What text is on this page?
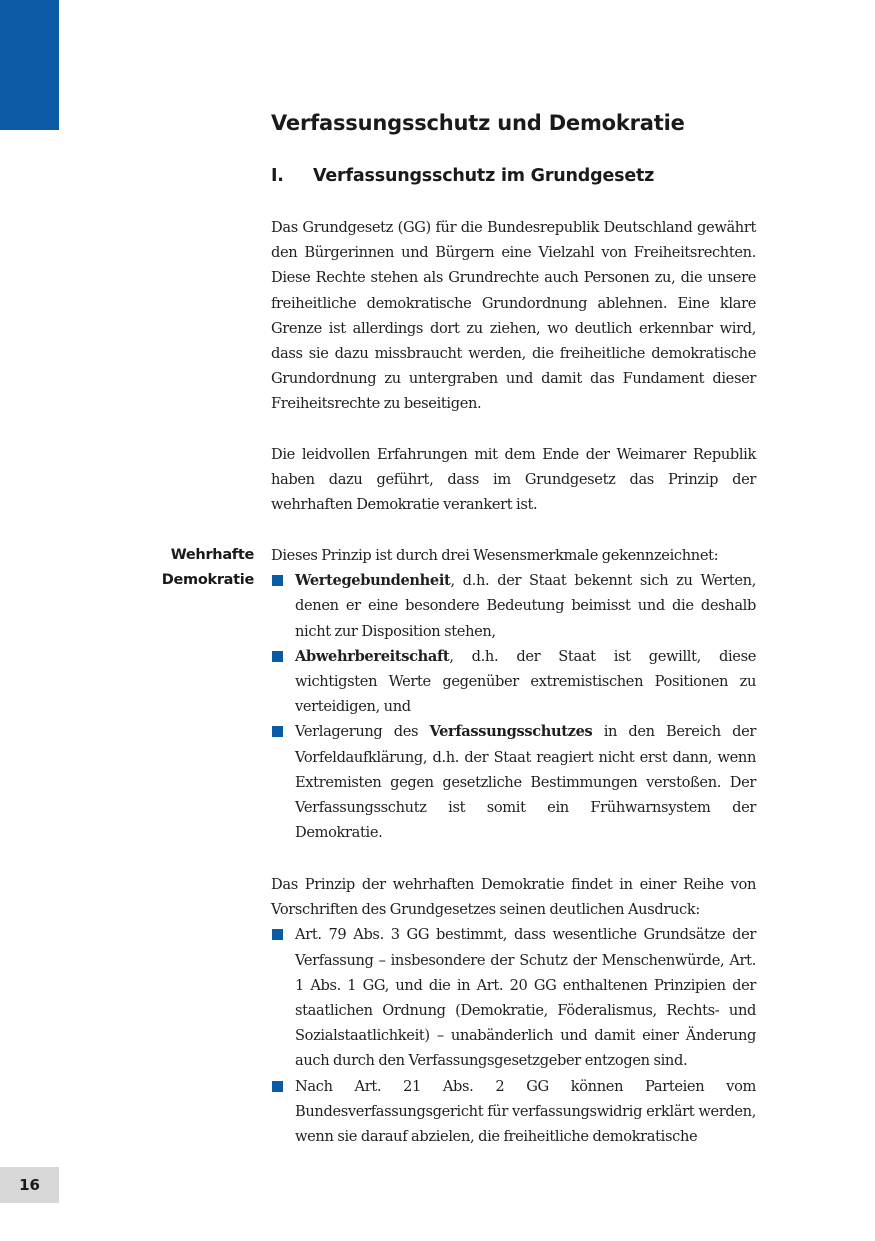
Verfassungsschutz und Demokratie
I.	Verfassungsschutz im Grundgesetz

Das Grundgesetz (GG) für die Bundesrepublik Deutschland gewährt den Bürgerinnen und Bürgern eine Vielzahl von Freiheitsrechten. Diese Rechte stehen als Grundrechte auch Personen zu, die unsere freiheitliche demokratische Grundordnung ablehnen. Eine klare Grenze ist allerdings dort zu ziehen, wo deutlich erkennbar wird, dass sie dazu missbraucht werden, die freiheitliche demokratische Grundordnung zu untergraben und damit das Fundament dieser Freiheitsrechte zu beseitigen.

Die leidvollen Erfahrungen mit dem Ende der Weimarer Republik haben dazu geführt, dass im Grundgesetz das Prinzip der wehrhaften Demokratie verankert ist.

Wehrhafte
Demokratie
Dieses Prinzip ist durch drei Wesensmerkmale gekennzeichnet:
Wertegebundenheit, d.h. der Staat bekennt sich zu Werten, denen er eine besondere Bedeutung beimisst und die deshalb nicht zur Disposition stehen,
Abwehrbereitschaft, d.h. der Staat ist gewillt, diese wichtigsten Werte gegenüber extremistischen Positionen zu verteidigen, und
Verlagerung des Verfassungsschutzes in den Bereich der Vorfeldaufklärung, d.h. der Staat reagiert nicht erst dann, wenn Extremisten gegen gesetzliche Bestimmungen verstoßen. Der Verfassungsschutz ist somit ein Frühwarnsystem der Demokratie.
Das Prinzip der wehrhaften Demokratie findet in einer Reihe von Vorschriften des Grundgesetzes seinen deutlichen Ausdruck:
Art. 79 Abs. 3 GG bestimmt, dass wesentliche Grundsätze der Verfassung – insbesondere der Schutz der Menschenwürde, Art. 1 Abs. 1 GG, und die in Art. 20 GG enthaltenen Prinzipien der staatlichen Ordnung (Demokratie, Föderalismus, Rechts- und Sozialstaatlichkeit) – unabänderlich und damit einer Änderung auch durch den Verfassungsgesetzgeber entzogen sind.
Nach Art. 21 Abs. 2 GG können Parteien vom Bundesverfassungsgericht für verfassungswidrig erklärt werden, wenn sie darauf abzielen, die freiheitliche demokratische
16
